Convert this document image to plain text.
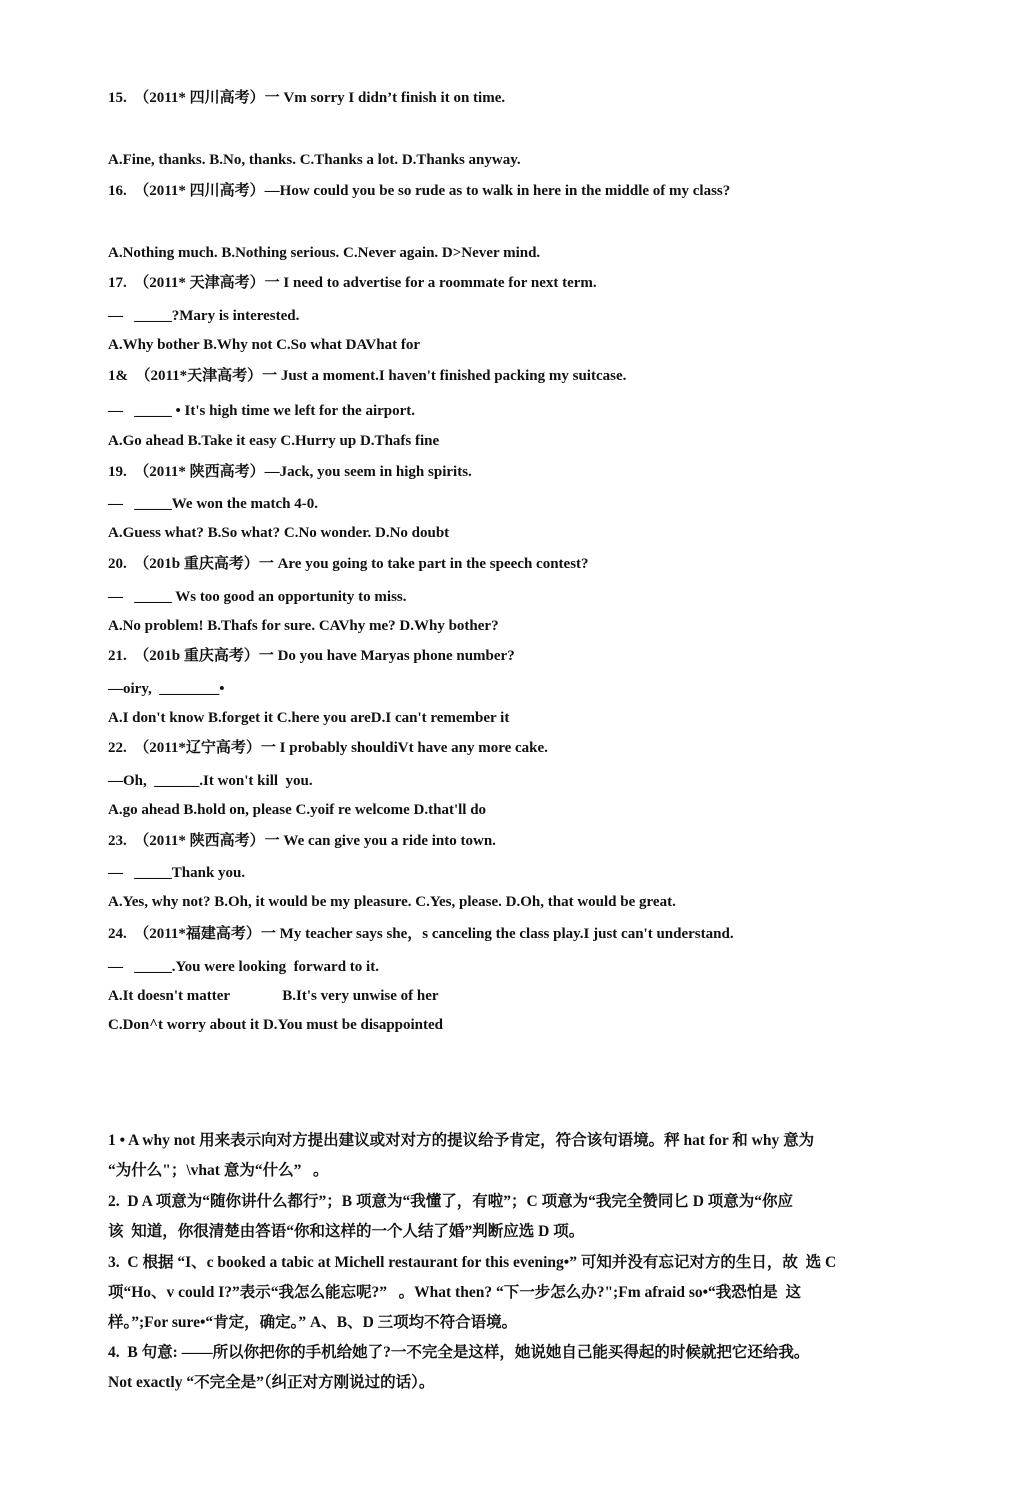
15.  （2011* 四川高考）一 Vm sorry I didn’t finish it on time.
A.Fine, thanks. B.No, thanks. C.Thanks a lot. D.Thanks anyway.
16.  （2011* 四川高考）—How could you be so rude as to walk in here in the middle of my class?
A.Nothing much. B.Nothing serious. C.Never again. D>Never mind.
17.  （2011* 天津高考）一 I need to advertise for a roommate for next term.
—   _____?Mary is interested.
A.Why bother B.Why not C.So what DAVhat for
1&  （2011*天津高考）一 Just a moment.I haven't finished packing my suitcase.
—   _____ • It's high time we left for the airport.
A.Go ahead B.Take it easy C.Hurry up D.Thafs fine
19.  （2011* 陕西高考）—Jack, you seem in high spirits.
—   _____We won the match 4-0.
A.Guess what? B.So what? C.No wonder. D.No doubt
20.  （201b 重庆高考）一 Are you going to take part in the speech contest?
—   _____ Ws too good an opportunity to miss.
A.No problem! B.Thafs for sure. CAVhy me? D.Why bother?
21.  （201b 重庆高考）一 Do you have Maryas phone number?
—oiry,  ________•
A.I don't know B.forget it C.here you areD.I can't remember it
22.  （2011*辽宁高考）一 I probably shouldiVt have any more cake.
—Oh,  ______.It won't kill  you.
A.go ahead B.hold on, please C.yoif re welcome D.that'll do
23.  （2011* 陕西高考）一 We can give you a ride into town.
—   _____Thank you.
A.Yes, why not? B.Oh, it would be my pleasure. C.Yes, please. D.Oh, that would be great.
24.  （2011*福建高考）一 My teacher says she，s canceling the class play.I just can't understand.
—   _____.You were looking  forward to it.
A.It doesn't matter              B.It's very unwise of her
C.Don^t worry about it D.You must be disappointed
1 • A why not 用来表示向对方提出建议或对对方的提议给予肯定，符合该句语境。秤 hat for 和 why 意为
“为什么"；\vhat 意为“什么”   。
2.  D A 项意为“随你讲什么都行”；B 项意为“我懂了，有啦”；C 项意为“我完全赞同匕 D 项意为“你应
该  知道，你很清楚由答语“你和这样的一个人结了婚”判断应选 D 项。
3.  C 根据 “I、c booked a tabic at Michell restaurant for this evening•” 可知并没有忘记对方的生日，故  选 C
项“Ho、v could I?”表示“我怎么能忘呢?”   。What then? “下一步怎么办?";Fm afraid so•“我恐怕是  这
样。”;For sure•“肯定，确定。” A、B、D 三项均不符合语境。
4.  B 句意: ——所以你把你的手机给她了?一不完全是这样，她说她自己能买得起的时候就把它还给我。
Not exactly “不完全是”（纠正对方刚说过的话）。
